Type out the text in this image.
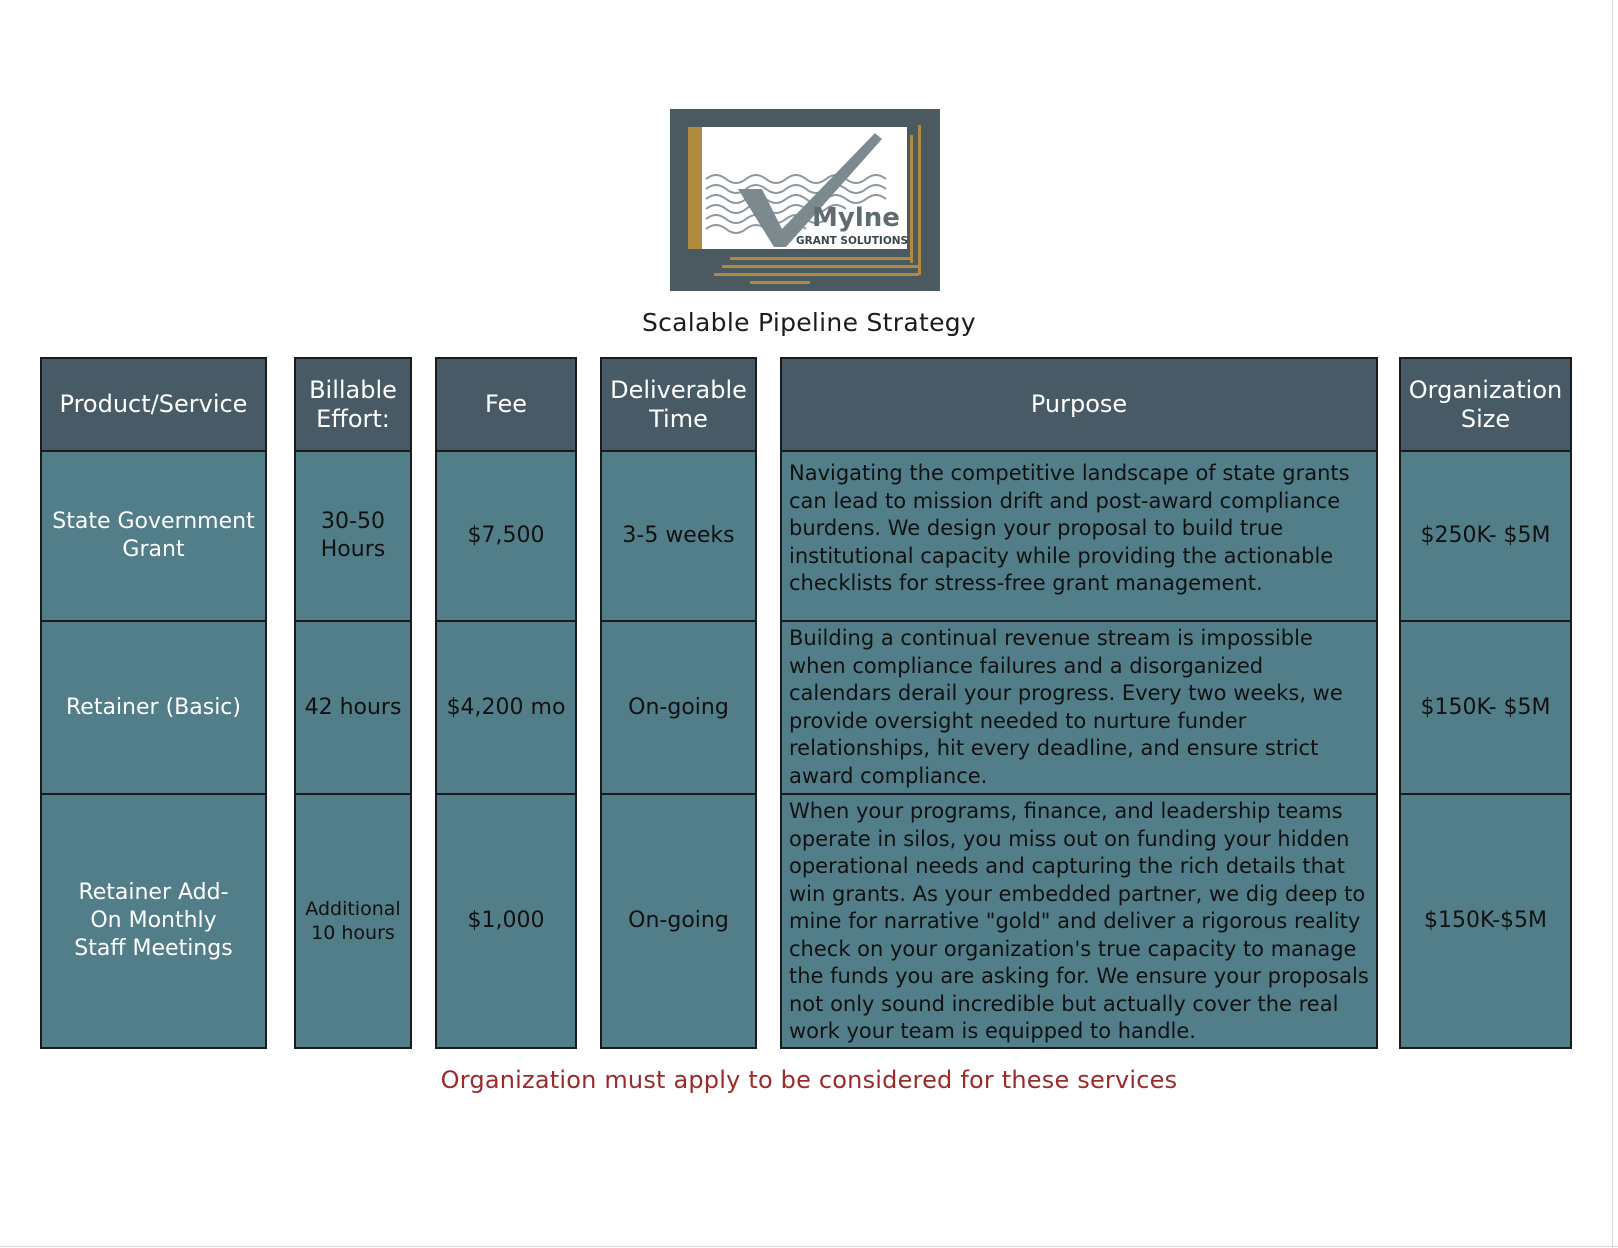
Mylne
GRANT SOLUTIONS
Scalable Pipeline Strategy
Product/Service
State Government Grant
Retainer (Basic)
Retainer Add-On Monthly Staff Meetings
Billable Effort:
30-50 Hours
42 hours
Additional 10 hours
Fee
$7,500
$4,200 mo
$1,000
Deliverable Time
3-5 weeks
On-going
On-going
Purpose
Navigating the competitive landscape of state grants can lead to mission drift and post-award compliance burdens. We design your proposal to build true institutional capacity while providing the actionable checklists for stress-free grant management.
Building a continual revenue stream is impossible when compliance failures and a disorganized calendars derail your progress. Every two weeks, we provide oversight needed to nurture funder relationships, hit every deadline, and ensure strict award compliance.
When your programs, finance, and leadership teams operate in silos, you miss out on funding your hidden operational needs and capturing the rich details that win grants. As your embedded partner, we dig deep to mine for narrative "gold" and deliver a rigorous reality check on your organization's true capacity to manage the funds you are asking for. We ensure your proposals not only sound incredible but actually cover the real work your team is equipped to handle.
Organization Size
$250K- $5M
$150K- $5M
$150K-$5M
Organization must apply to be considered for these services
